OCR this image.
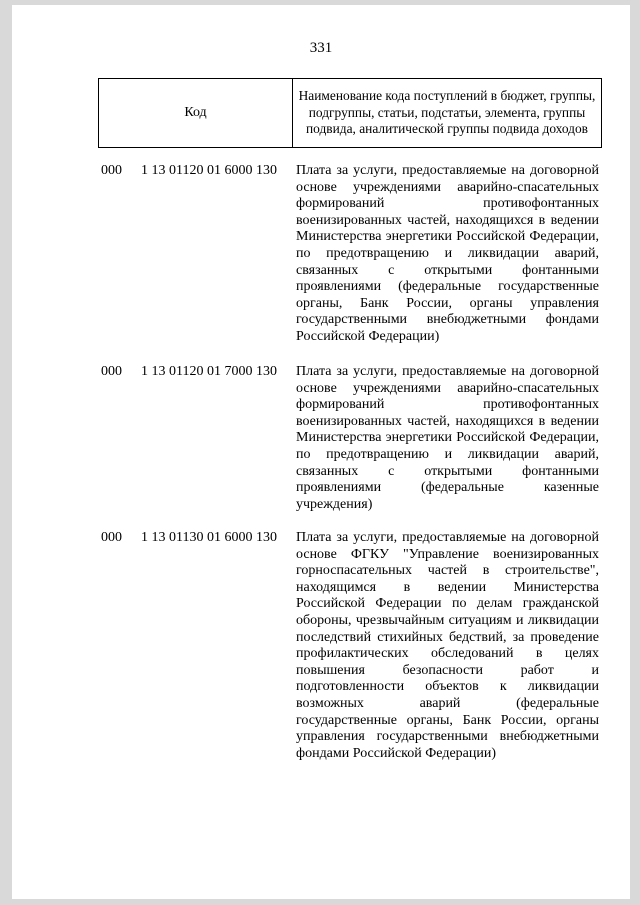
331
Код
Наименование кода поступлений в бюджет, группы, подгруппы, статьи, подстатьи, элемента, группы подвида, аналитической группы подвида доходов
000 1 13 01120 01 6000 130 Плата за услуги, предоставляемые на договорной основе учреждениями аварийно-спасательных формирований противофонтанных военизированных частей, находящихся в ведении Министерства энергетики Российской Федерации, по предотвращению и ликвидации аварий, связанных с открытыми фонтанными проявлениями (федеральные государственные органы, Банк России, органы управления государственными внебюджетными фондами Российской Федерации)
000 1 13 01120 01 7000 130 Плата за услуги, предоставляемые на договорной основе учреждениями аварийно-спасательных формирований противофонтанных военизированных частей, находящихся в ведении Министерства энергетики Российской Федерации, по предотвращению и ликвидации аварий, связанных с открытыми фонтанными проявлениями (федеральные казенные учреждения)
000 1 13 01130 01 6000 130 Плата за услуги, предоставляемые на договорной основе ФГКУ "Управление военизированных горноспасательных частей в строительстве", находящимся в ведении Министерства Российской Федерации по делам гражданской обороны, чрезвычайным ситуациям и ликвидации последствий стихийных бедствий, за проведение профилактических обследований в целях повышения безопасности работ и подготовленности объектов к ликвидации возможных аварий (федеральные государственные органы, Банк России, органы управления государственными внебюджетными фондами Российской Федерации)
